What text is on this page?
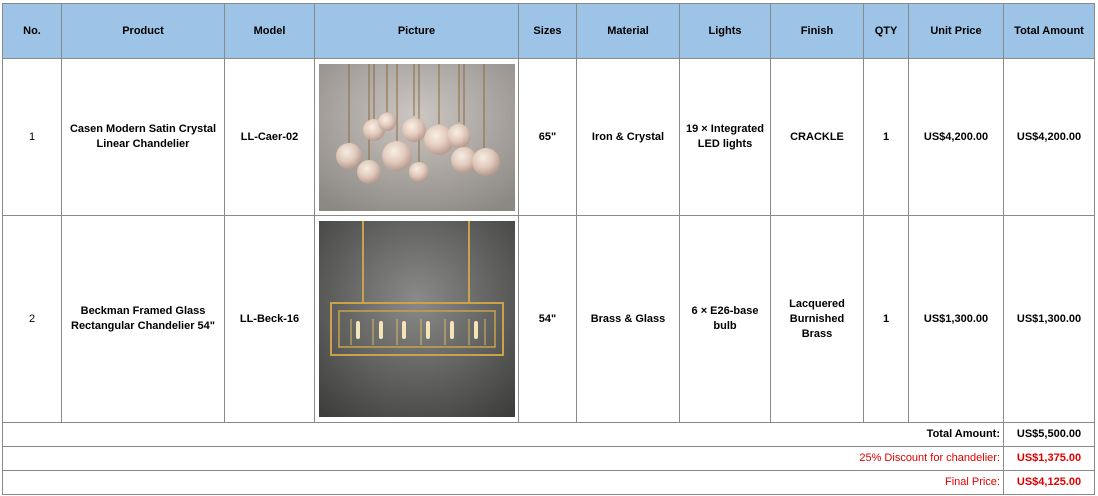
No.	Product	Model	Picture	Sizes	Material	Lights	Finish	QTY	Unit Price	Total Amount
1	Casen Modern Satin Crystal Linear Chandelier	LL-Caer-02		65"	Iron & Crystal	19 × Integrated LED lights	CRACKLE	1	US$4,200.00	US$4,200.00
2	Beckman Framed Glass Rectangular Chandelier 54"	LL-Beck-16		54"	Brass & Glass	6 × E26-base bulb	Lacquered Burnished Brass	1	US$1,300.00	US$1,300.00
Total Amount:										US$5,500.00
25% Discount for chandelier:										US$1,375.00
Final Price:										US$4,125.00
